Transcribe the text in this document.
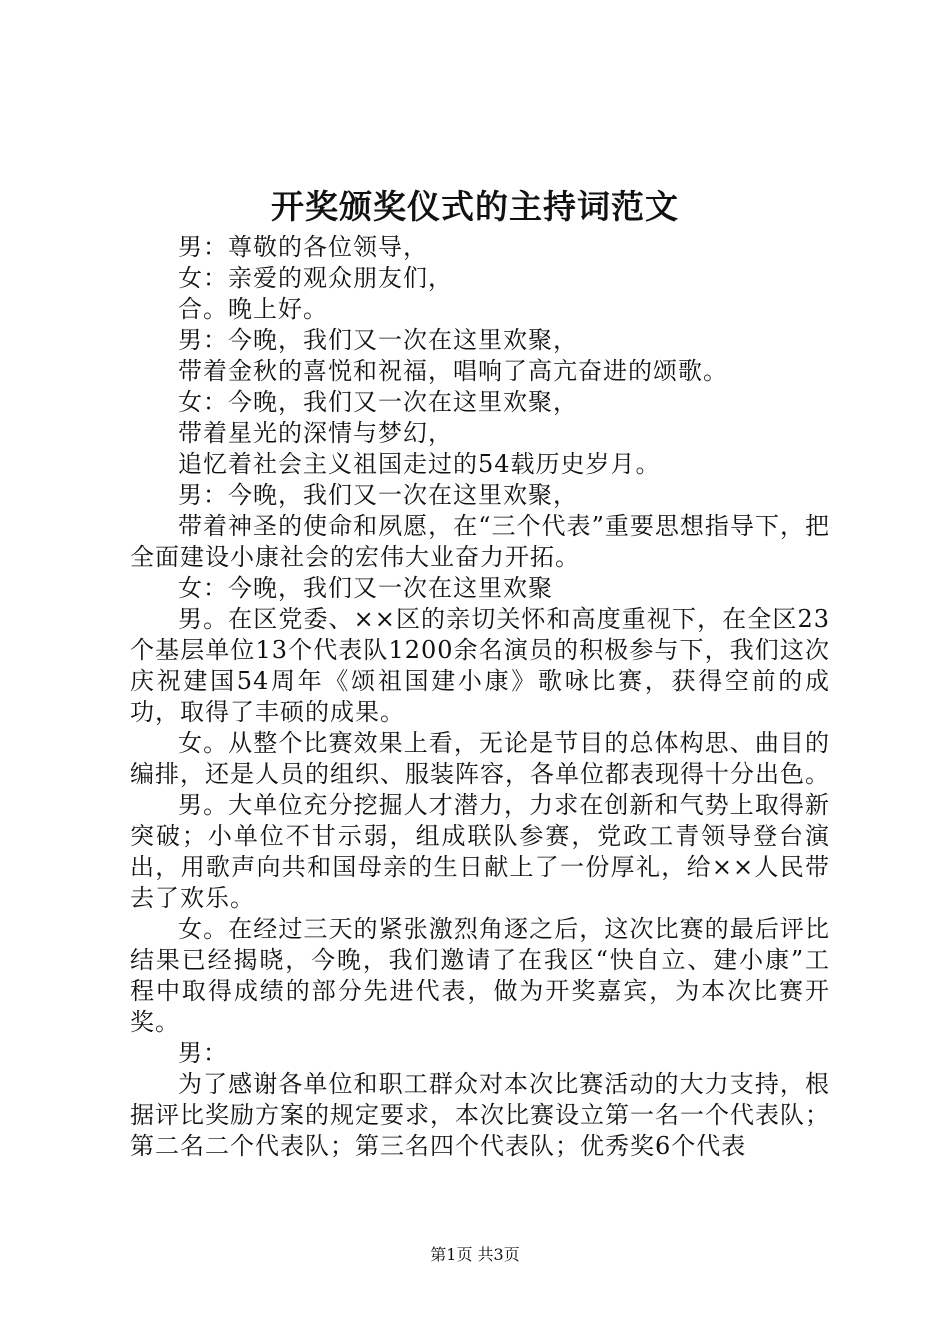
开奖颁奖仪式的主持词范文

男：尊敬的各位领导，

女：亲爱的观众朋友们，

合。晚上好。

男：今晚，我们又一次在这里欢聚，

带着金秋的喜悦和祝福，唱响了高亢奋进的颂歌。

女：今晚，我们又一次在这里欢聚，

带着星光的深情与梦幻，

追忆着社会主义祖国走过的54载历史岁月。

男：今晚，我们又一次在这里欢聚，

带着神圣的使命和夙愿，在“三个代表”重要思想指导下，把全面建设小康社会的宏伟大业奋力开拓。

女：今晚，我们又一次在这里欢聚

男。在区党委、××区的亲切关怀和高度重视下，在全区23个基层单位13个代表队1200余名演员的积极参与下，我们这次庆祝建国54周年《颂祖国建小康》歌咏比赛，获得空前的成功，取得了丰硕的成果。

女。从整个比赛效果上看，无论是节目的总体构思、曲目的编排，还是人员的组织、服装阵容，各单位都表现得十分出色。

男。大单位充分挖掘人才潜力，力求在创新和气势上取得新突破；小单位不甘示弱，组成联队参赛，党政工青领导登台演出，用歌声向共和国母亲的生日献上了一份厚礼，给××人民带去了欢乐。

女。在经过三天的紧张激烈角逐之后，这次比赛的最后评比结果已经揭晓，今晚，我们邀请了在我区“快自立、建小康”工程中取得成绩的部分先进代表，做为开奖嘉宾，为本次比赛开奖。

男：

为了感谢各单位和职工群众对本次比赛活动的大力支持，根据评比奖励方案的规定要求，本次比赛设立第一名一个代表队；第二名二个代表队；第三名四个代表队；优秀奖6个代表

第1页 共3页
